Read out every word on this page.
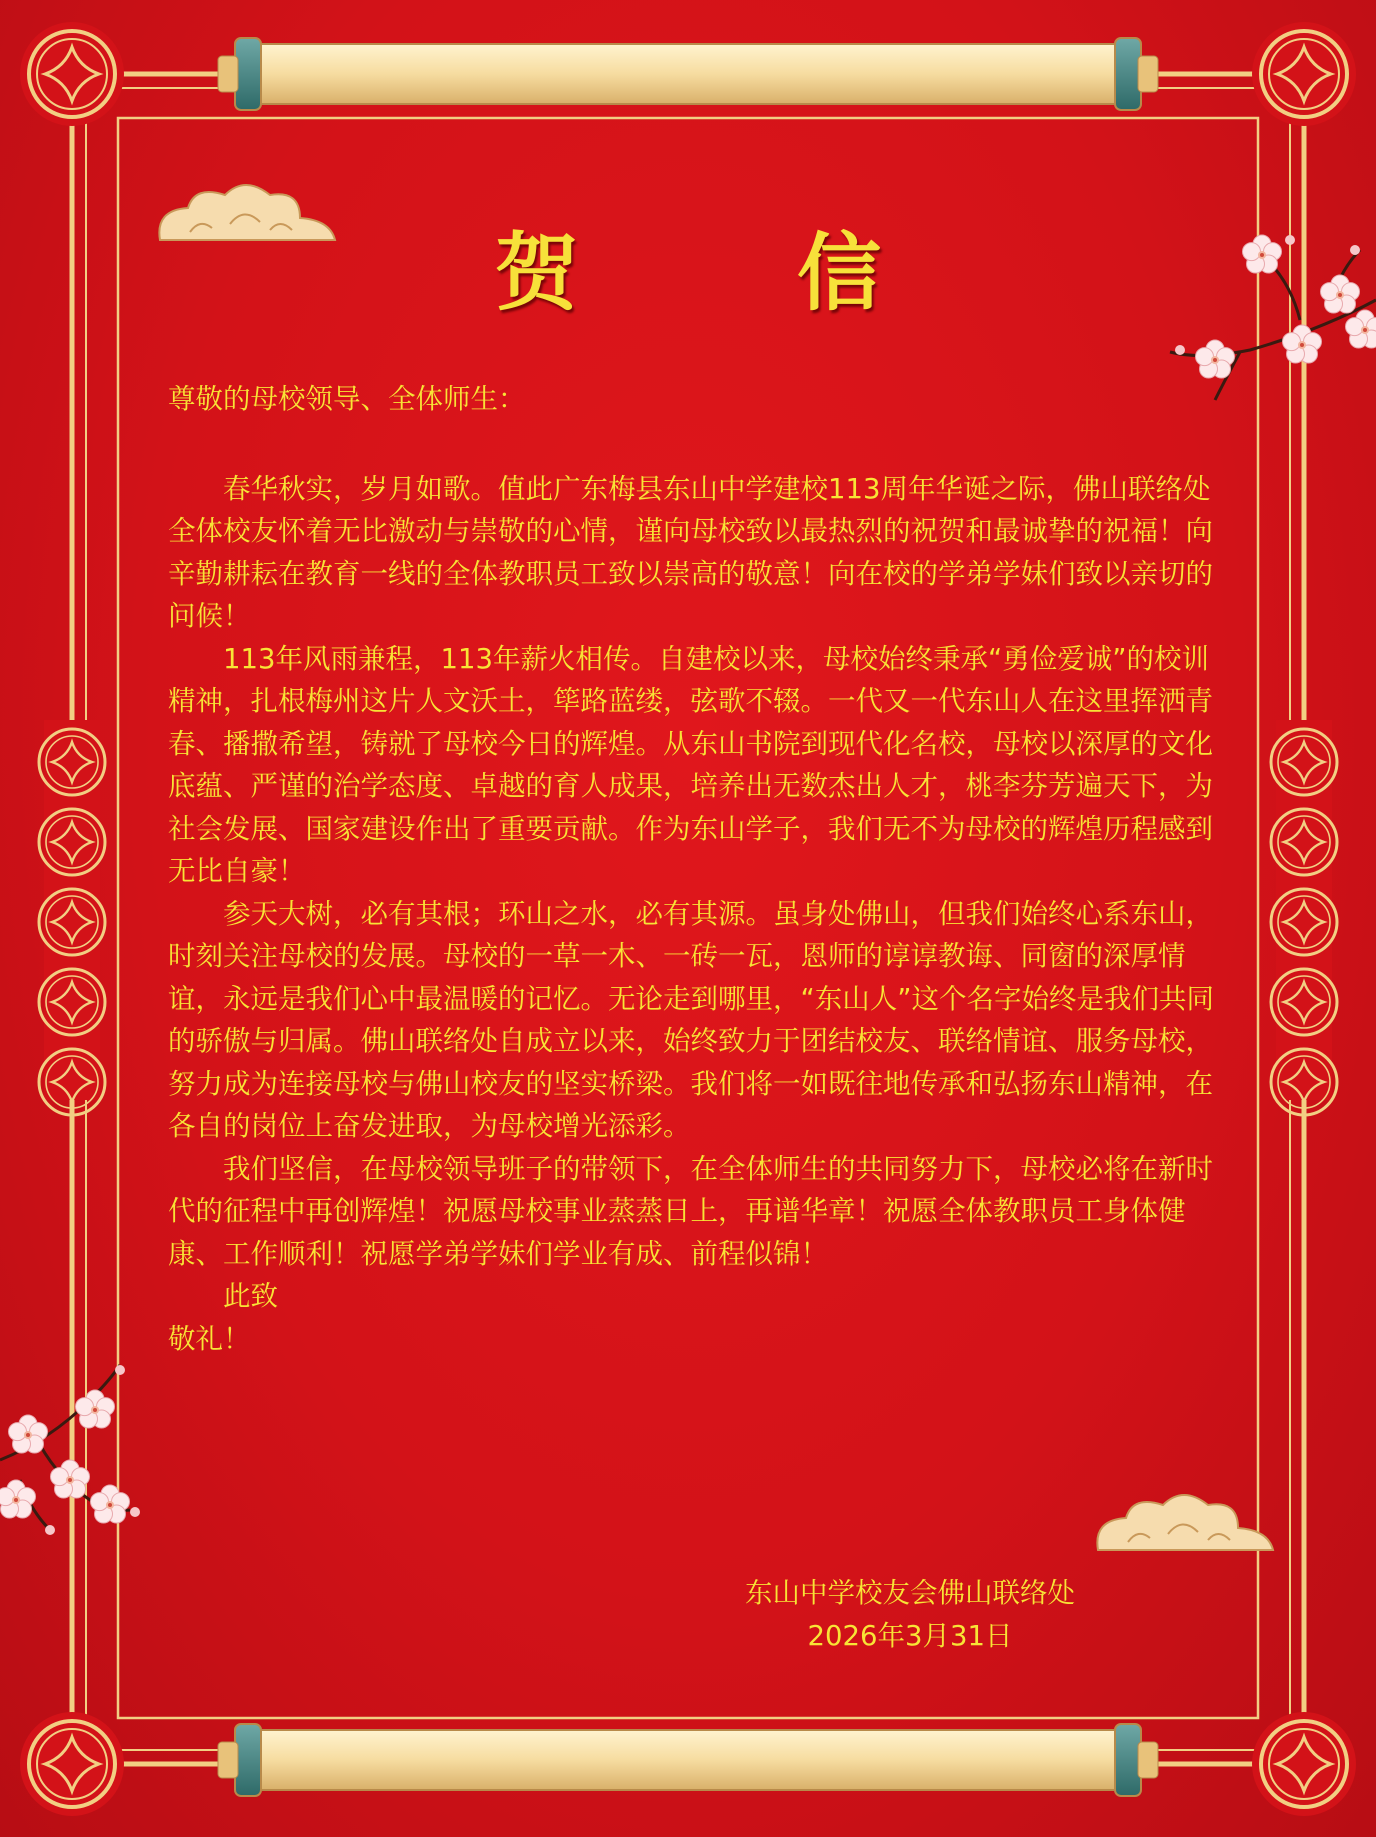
贺　信

尊敬的母校领导、全体师生：

春华秋实，岁月如歌。值此广东梅县东山中学建校113周年华诞之际，佛山联络处全体校友怀着无比激动与崇敬的心情，谨向母校致以最热烈的祝贺和最诚挚的祝福！向辛勤耕耘在教育一线的全体教职员工致以崇高的敬意！向在校的学弟学妹们致以亲切的问候！

113年风雨兼程，113年薪火相传。自建校以来，母校始终秉承“勇俭爱诚”的校训精神，扎根梅州这片人文沃土，筚路蓝缕，弦歌不辍。一代又一代东山人在这里挥洒青春、播撒希望，铸就了母校今日的辉煌。从东山书院到现代化名校，母校以深厚的文化底蕴、严谨的治学态度、卓越的育人成果，培养出无数杰出人才，桃李芬芳遍天下，为社会发展、国家建设作出了重要贡献。作为东山学子，我们无不为母校的辉煌历程感到无比自豪！

参天大树，必有其根；环山之水，必有其源。虽身处佛山，但我们始终心系东山，时刻关注母校的发展。母校的一草一木、一砖一瓦，恩师的谆谆教诲、同窗的深厚情谊，永远是我们心中最温暖的记忆。无论走到哪里，“东山人”这个名字始终是我们共同的骄傲与归属。佛山联络处自成立以来，始终致力于团结校友、联络情谊、服务母校，努力成为连接母校与佛山校友的坚实桥梁。我们将一如既往地传承和弘扬东山精神，在各自的岗位上奋发进取，为母校增光添彩。

我们坚信，在母校领导班子的带领下，在全体师生的共同努力下，母校必将在新时代的征程中再创辉煌！祝愿母校事业蒸蒸日上，再谱华章！祝愿全体教职员工身体健康、工作顺利！祝愿学弟学妹们学业有成、前程似锦！

此致

敬礼！

东山中学校友会佛山联络处

2026年3月31日
